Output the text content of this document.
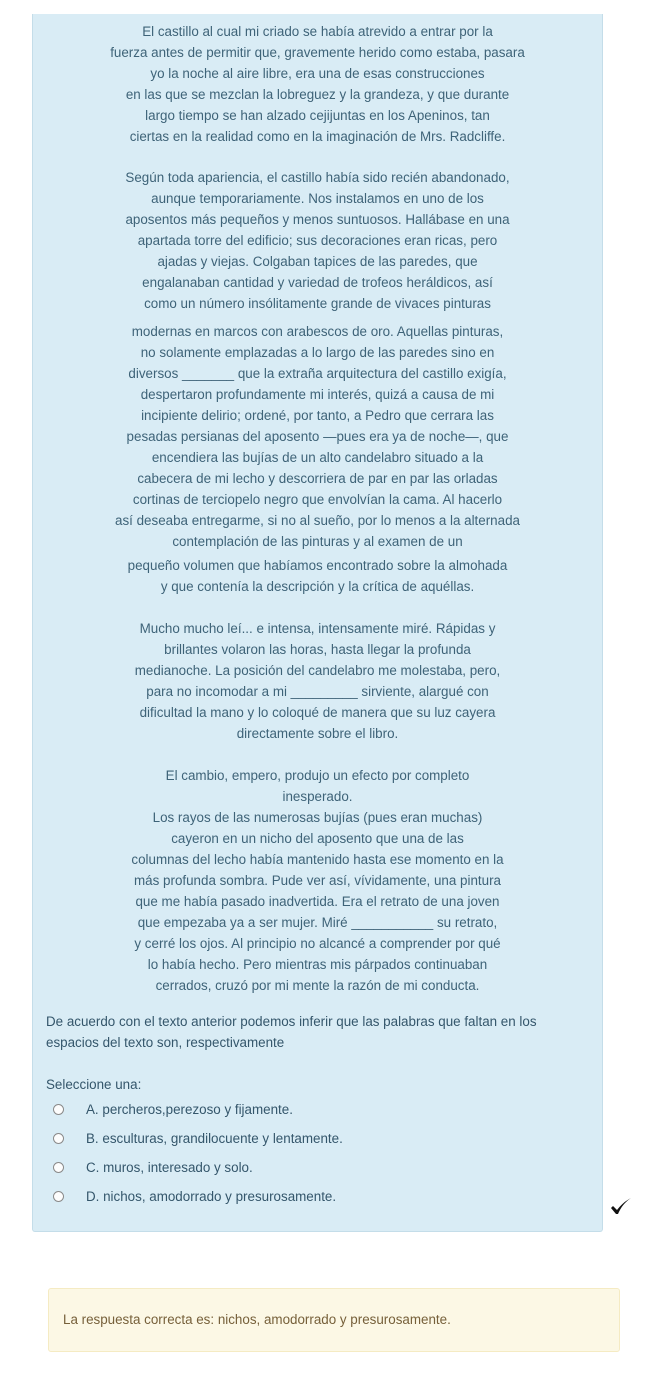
El castillo al cual mi criado se había atrevido a entrar por la
fuerza antes de permitir que, gravemente herido como estaba, pasara
yo la noche al aire libre, era una de esas construcciones
en las que se mezclan la lobreguez y la grandeza, y que durante
largo tiempo se han alzado cejijuntas en los Apeninos, tan
ciertas en la realidad como en la imaginación de Mrs. Radcliffe.
Según toda apariencia, el castillo había sido recién abandonado,
aunque temporariamente. Nos instalamos en uno de los
aposentos más pequeños y menos suntuosos. Hallábase en una
apartada torre del edificio; sus decoraciones eran ricas, pero
ajadas y viejas. Colgaban tapices de las paredes, que
engalanaban cantidad y variedad de trofeos heráldicos, así
como un número insólitamente grande de vivaces pinturas
modernas en marcos con arabescos de oro. Aquellas pinturas,
no solamente emplazadas a lo largo de las paredes sino en
diversos _______ que la extraña arquitectura del castillo exigía,
despertaron profundamente mi interés, quizá a causa de mi
incipiente delirio; ordené, por tanto, a Pedro que cerrara las
pesadas persianas del aposento —pues era ya de noche—, que
encendiera las bujías de un alto candelabro situado a la
cabecera de mi lecho y descorriera de par en par las orladas
cortinas de terciopelo negro que envolvían la cama. Al hacerlo
así deseaba entregarme, si no al sueño, por lo menos a la alternada
contemplación de las pinturas y al examen de un
pequeño volumen que habíamos encontrado sobre la almohada
y que contenía la descripción y la crítica de aquéllas.
Mucho mucho leí... e intensa, intensamente miré. Rápidas y
brillantes volaron las horas, hasta llegar la profunda
medianoche. La posición del candelabro me molestaba, pero,
para no incomodar a mi _________ sirviente, alargué con
dificultad la mano y lo coloqué de manera que su luz cayera
directamente sobre el libro.
El cambio, empero, produjo un efecto por completo
inesperado.
Los rayos de las numerosas bujías (pues eran muchas)
cayeron en un nicho del aposento que una de las
columnas del lecho había mantenido hasta ese momento en la
más profunda sombra. Pude ver así, vívidamente, una pintura
que me había pasado inadvertida. Era el retrato de una joven
que empezaba ya a ser mujer. Miré ___________ su retrato,
y cerré los ojos. Al principio no alcancé a comprender por qué
lo había hecho. Pero mientras mis párpados continuaban
cerrados, cruzó por mi mente la razón de mi conducta.

De acuerdo con el texto anterior podemos inferir que las palabras que faltan en los espacios del texto son, respectivamente

Seleccione una:

A. percheros,perezoso y fijamente.
B. esculturas, grandilocuente y lentamente.
C. muros, interesado y solo.
D. nichos, amodorrado y presurosamente.

La respuesta correcta es: nichos, amodorrado y presurosamente.
